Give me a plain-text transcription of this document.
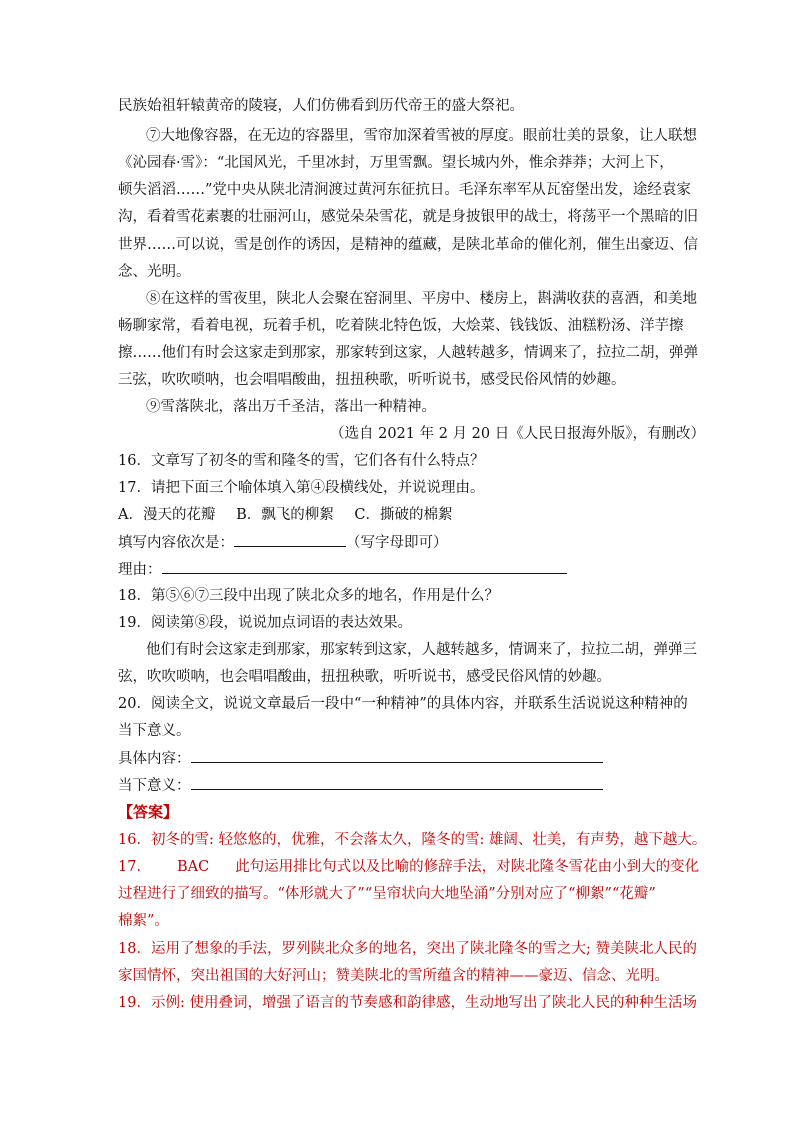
民族始祖轩辕黄帝的陵寝，人们仿佛看到历代帝王的盛大祭祀。
⑦大地像容器，在无边的容器里，雪帘加深着雪被的厚度。眼前壮美的景象，让人联想
《沁园春·雪》：“北国风光，千里冰封，万里雪飘。望长城内外，惟余莽莽；大河上下，
顿失滔滔……”党中央从陕北清涧渡过黄河东征抗日。毛泽东率军从瓦窑堡出发，途经袁家
沟，看着雪花素裹的壮丽河山，感觉朵朵雪花，就是身披银甲的战士，将荡平一个黑暗的旧
世界……可以说，雪是创作的诱因，是精神的蕴藏，是陕北革命的催化剂，催生出豪迈、信
念、光明。
⑧在这样的雪夜里，陕北人会聚在窑洞里、平房中、楼房上，斟满收获的喜酒，和美地
畅聊家常，看着电视，玩着手机，吃着陕北特色饭，大烩菜、钱钱饭、油糕粉汤、洋芋擦
擦……他们有时会这家走到那家，那家转到这家，人越转越多，情调来了，拉拉二胡，弹弹
三弦，吹吹唢呐，也会唱唱酸曲，扭扭秧歌，听听说书，感受民俗风情的妙趣。
⑨雪落陕北，落出万千圣洁，落出一种精神。
（选自 2021 年 2 月 20 日《人民日报海外版》，有删改）
16．文章写了初冬的雪和隆冬的雪，它们各有什么特点？
17．请把下面三个喻体填入第④段横线处，并说说理由。
A．漫天的花瓣 B．飘飞的柳絮 C．撕破的棉絮
填写内容依次是：	（写字母即可）
理由：
18．第⑤⑥⑦三段中出现了陕北众多的地名，作用是什么？
19．阅读第⑧段，说说加点词语的表达效果。
他们有时会这家走到那家，那家转到这家，人越转越多，情调来了，拉拉二胡，弹弹三
弦，吹吹唢呐，也会唱唱酸曲，扭扭秧歌，听听说书，感受民俗风情的妙趣。
20．阅读全文，说说文章最后一段中“一种精神”的具体内容，并联系生活说说这种精神的
当下意义。
具体内容：
当下意义：
【答案】
16．初冬的雪: 轻悠悠的，优雅，不会落太久，隆冬的雪: 雄阔、壮美，有声势，越下越大。
17． BAC 此句运用排比句式以及比喻的修辞手法，对陕北隆冬雪花由小到大的变化
过程进行了细致的描写。“体形就大了”“呈帘状向大地坠涌”分别对应了“柳絮”“花瓣”
棉絮”。
18．运用了想象的手法，罗列陕北众多的地名，突出了陕北隆冬的雪之大; 赞美陕北人民的
家国情怀，突出祖国的大好河山；赞美陕北的雪所蕴含的精神——豪迈、信念、光明。
19．示例: 使用叠词，增强了语言的节奏感和韵律感，生动地写出了陕北人民的种种生活场
